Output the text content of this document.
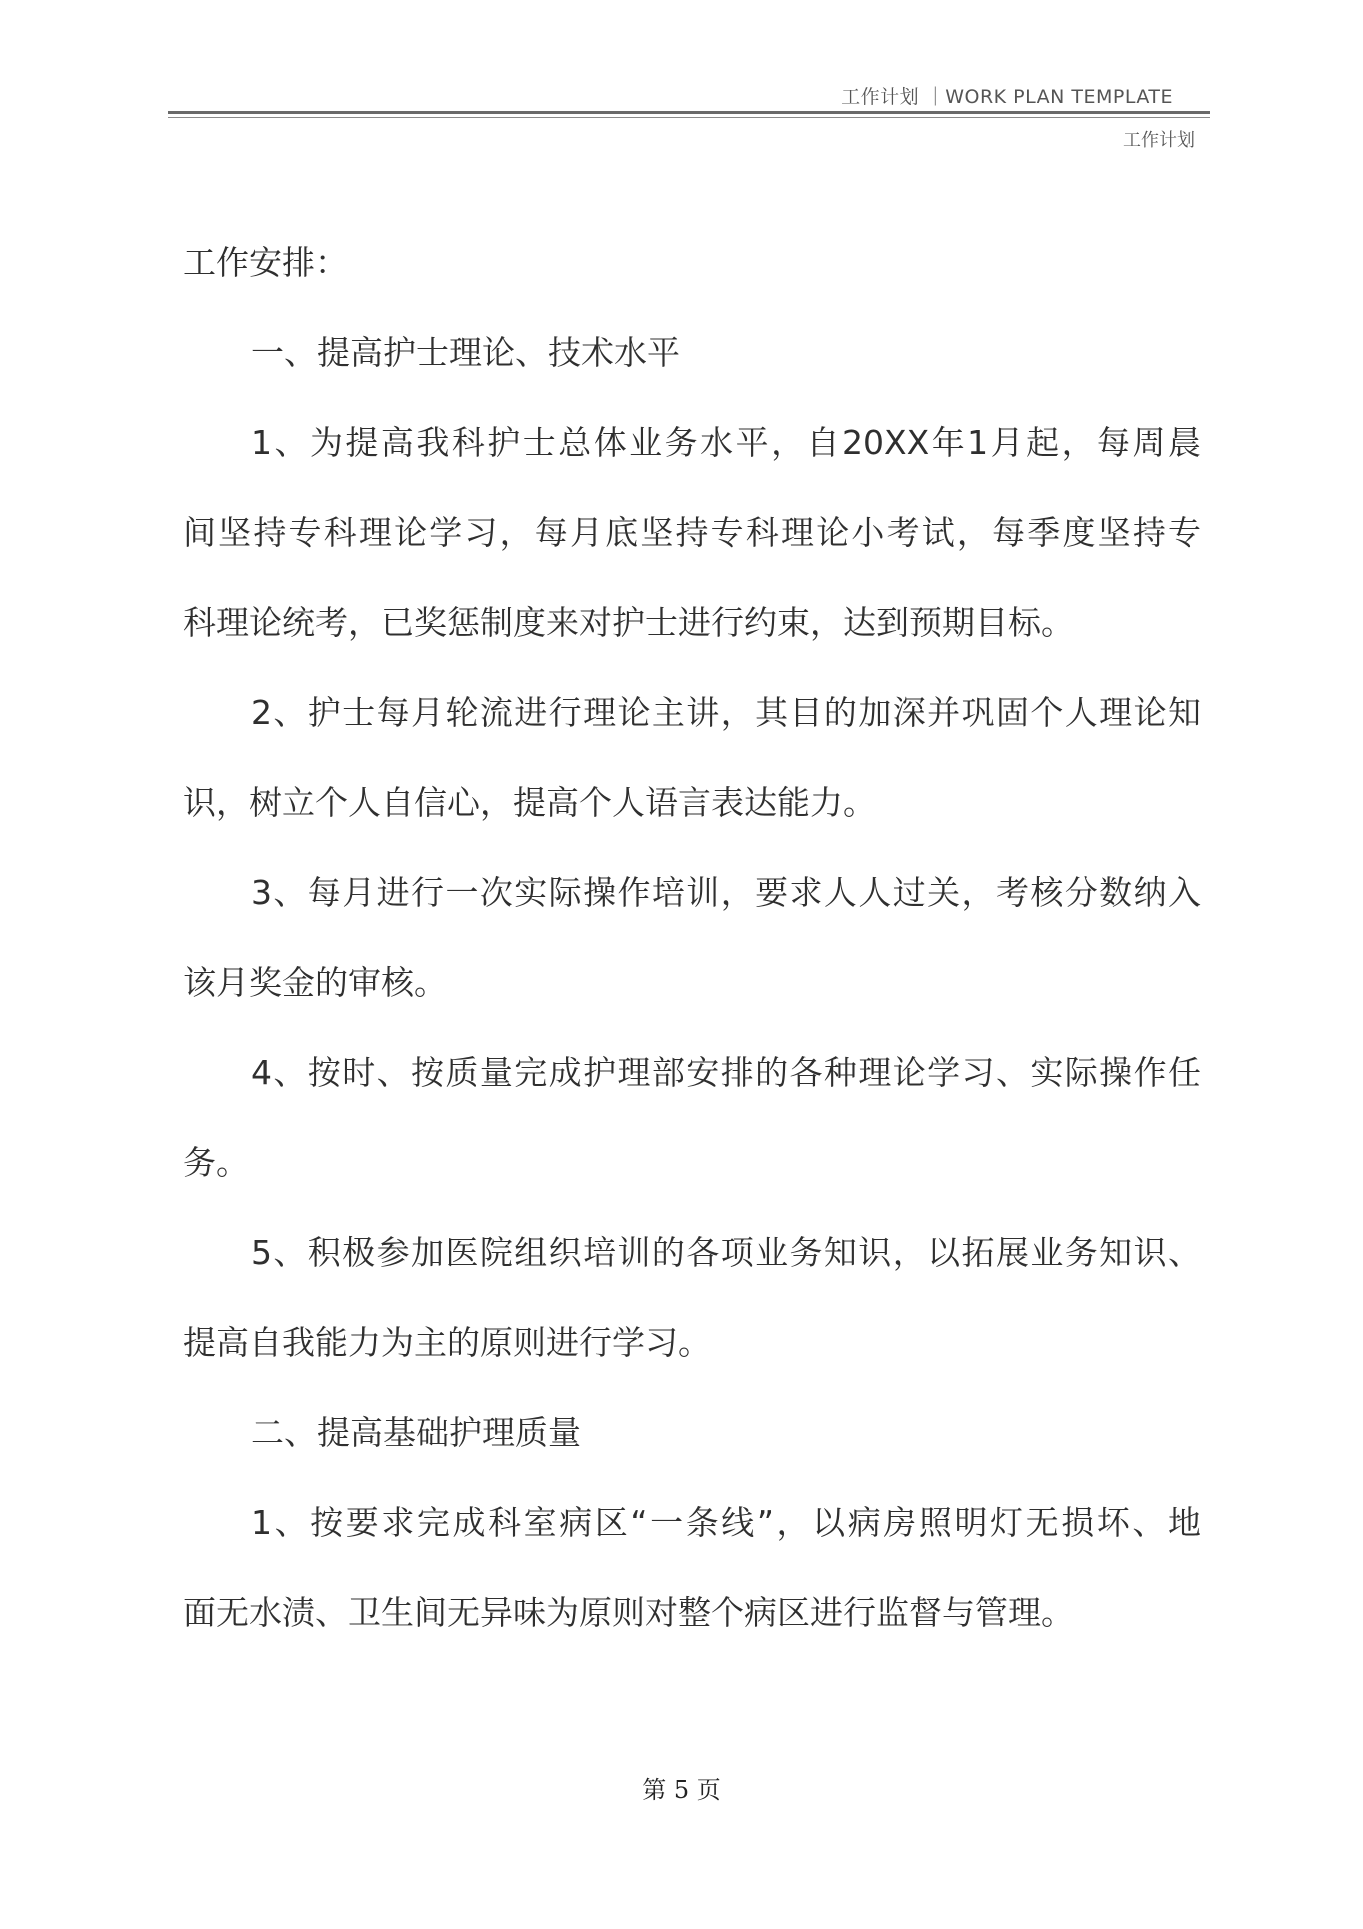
工作计划 ｜WORK PLAN TEMPLATE
工作计划
工作安排：
一、提高护士理论、技术水平
1、为提高我科护士总体业务水平，自20XX年1月起，每周晨
间坚持专科理论学习，每月底坚持专科理论小考试，每季度坚持专
科理论统考，已奖惩制度来对护士进行约束，达到预期目标。
2、护士每月轮流进行理论主讲，其目的加深并巩固个人理论知
识，树立个人自信心，提高个人语言表达能力。
3、每月进行一次实际操作培训，要求人人过关，考核分数纳入
该月奖金的审核。
4、按时、按质量完成护理部安排的各种理论学习、实际操作任
务。
5、积极参加医院组织培训的各项业务知识，以拓展业务知识、
提高自我能力为主的原则进行学习。
二、提高基础护理质量
1、按要求完成科室病区“一条线”，以病房照明灯无损坏、地
面无水渍、卫生间无异味为原则对整个病区进行监督与管理。
第 5 页
